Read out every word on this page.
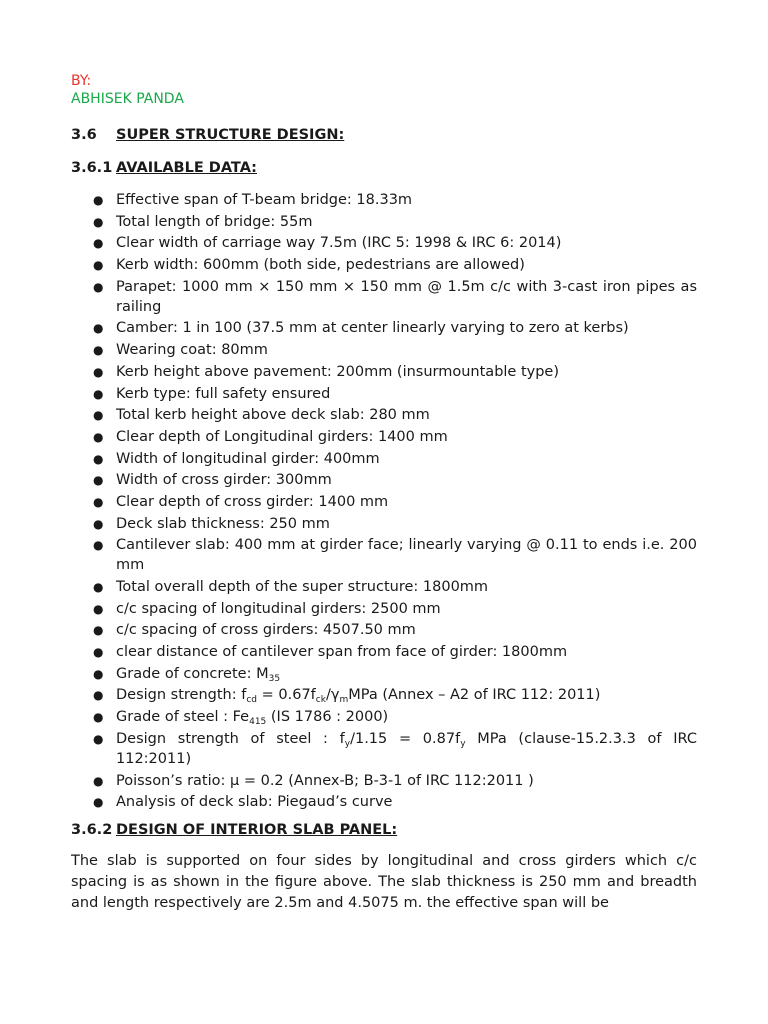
BY:
ABHISEK PANDA
3.6	SUPER STRUCTURE DESIGN:
3.6.1 AVAILABLE DATA:
● Effective span of T-beam bridge: 18.33m
● Total length of bridge: 55m
● Clear width of carriage way 7.5m (IRC 5: 1998 & IRC 6: 2014)
● Kerb width: 600mm (both side, pedestrians are allowed)
● Parapet: 1000 mm × 150 mm × 150 mm @ 1.5m c/c with 3-cast iron pipes as railing
● Camber: 1 in 100 (37.5 mm at center linearly varying to zero at kerbs)
● Wearing coat: 80mm
● Kerb height above pavement: 200mm (insurmountable type)
● Kerb type: full safety ensured
● Total kerb height above deck slab: 280 mm
● Clear depth of Longitudinal girders: 1400 mm
● Width of longitudinal girder: 400mm
● Width of cross girder: 300mm
● Clear depth of cross girder: 1400 mm
● Deck slab thickness: 250 mm
● Cantilever slab: 400 mm at girder face; linearly varying @ 0.11 to ends i.e. 200 mm
● Total overall depth of the super structure: 1800mm
● c/c spacing of longitudinal girders: 2500 mm
● c/c spacing of cross girders: 4507.50 mm
● clear distance of cantilever span from face of girder: 1800mm
● Grade of concrete: $M_{35}$
● Design strength: $f_{cd} = 0.67f_{ck}/\gamma_mMPa$ (Annex – A2 of IRC 112: 2011)
● Grade of steel : $Fe_{415}$ (IS 1786 : 2000)
● Design strength of steel : $f_y/1.15 = 0.87f_y$ MPa (clause-15.2.3.3 of IRC 112:2011)
● Poisson’s ratio: μ = 0.2 (Annex-B; B-3-1 of IRC 112:2011 )
● Analysis of deck slab: Piegaud’s curve
3.6.2 DESIGN OF INTERIOR SLAB PANEL:

The slab is supported on four sides by longitudinal and cross girders which c/c spacing is as shown in the figure above. The slab thickness is 250 mm and breadth and length respectively are 2.5m and 4.5075 m. the effective span will be
